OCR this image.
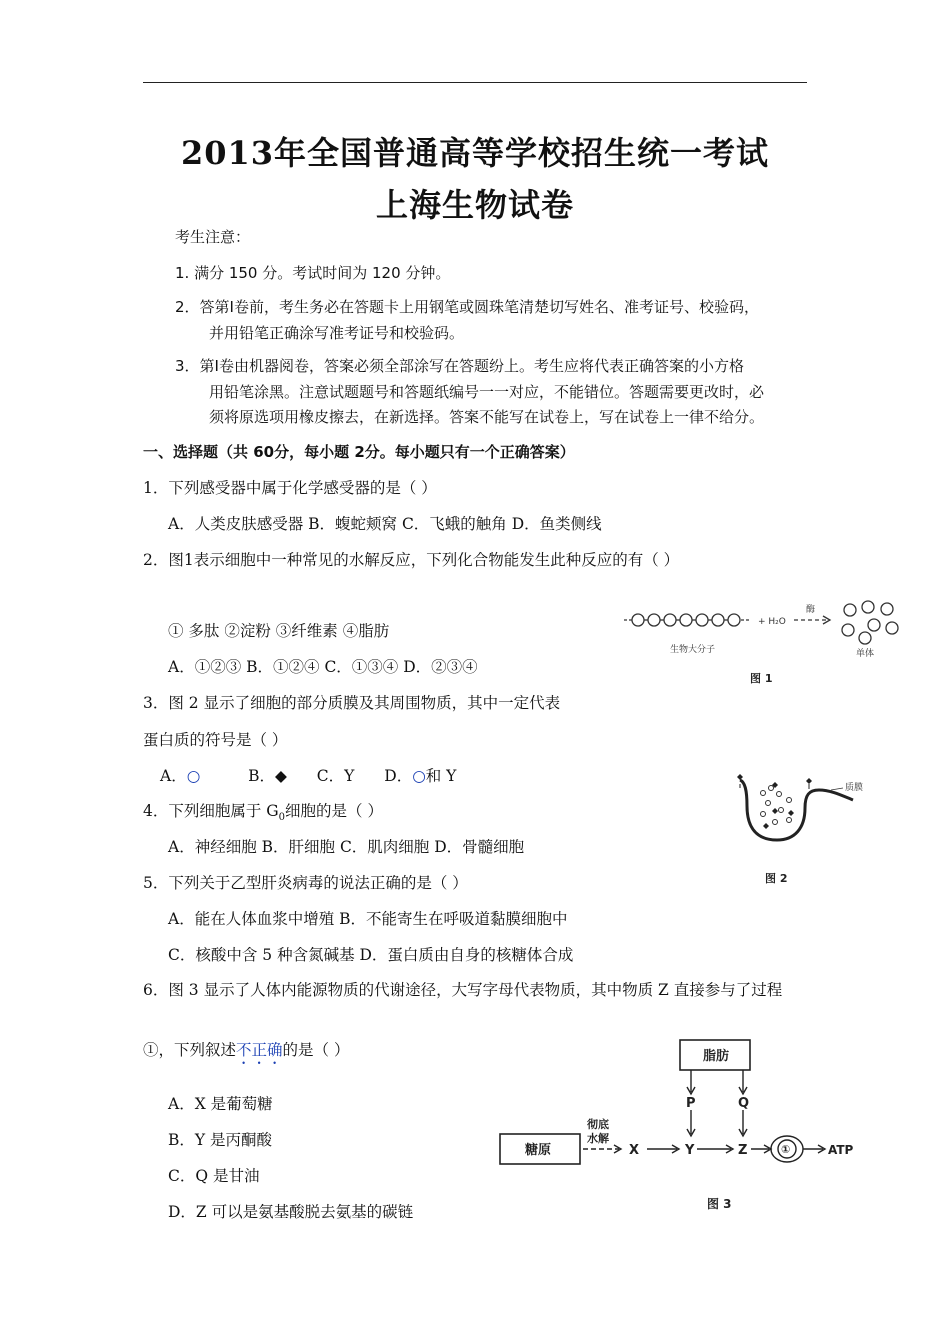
2013年全国普通高等学校招生统一考试
上海生物试卷
考生注意：
1. 满分 150 分。考试时间为 120 分钟。
2．答第Ⅰ卷前，考生务必在答题卡上用钢笔或圆珠笔清楚切写姓名、准考证号、校验码，
并用铅笔正确涂写准考证号和校验码。
3．第Ⅰ卷由机器阅卷，答案必须全部涂写在答题纷上。考生应将代表正确答案的小方格
用铅笔涂黑。注意试题题号和答题纸编号一一对应，不能错位。答题需要更改时，必
须将原选项用橡皮擦去，在新选择。答案不能写在试卷上，写在试卷上一律不给分。
一、选择题（共 60分，每小题 2分。每小题只有一个正确答案）
1．下列感受器中属于化学感受器的是（ ）
A．人类皮肤感受器 B．蝮蛇颊窝 C．飞蛾的触角 D．鱼类侧线
2．图1表示细胞中一种常见的水解反应，下列化合物能发生此种反应的有（ ）
① 多肽 ②淀粉 ③纤维素 ④脂肪
A．①②③ B．①②④ C．①③④ D．②③④
3．图 2 显示了细胞的部分质膜及其周围物质，其中一定代表
蛋白质的符号是（ ）
A．○	B．◆ C．Y D．○和 Y
4．下列细胞属于 $G_0$细胞的是（ ）
A．神经细胞 B．肝细胞 C．肌肉细胞 D．骨髓细胞
5．下列关于乙型肝炎病毒的说法正确的是（ ）
A．能在人体血浆中增殖 B．不能寄生在呼吸道黏膜细胞中
C．核酸中含 5 种含氮碱基 D．蛋白质由自身的核糖体合成
6．图 3 显示了人体内能源物质的代谢途径，大写字母代表物质，其中物质 Z 直接参与了过程
①，下列叙述不正确的是（ ）
A．X 是葡萄糖
B．Y 是丙酮酸
C．Q 是甘油
D．Z 可以是氨基酸脱去氨基的碳链
+ H₂O
酶
生物大分子	单体
图 1
质膜
图 2
脂肪
糖原
彻底
水解
X	Y	Z
P	Q
①	ATP
图 3
